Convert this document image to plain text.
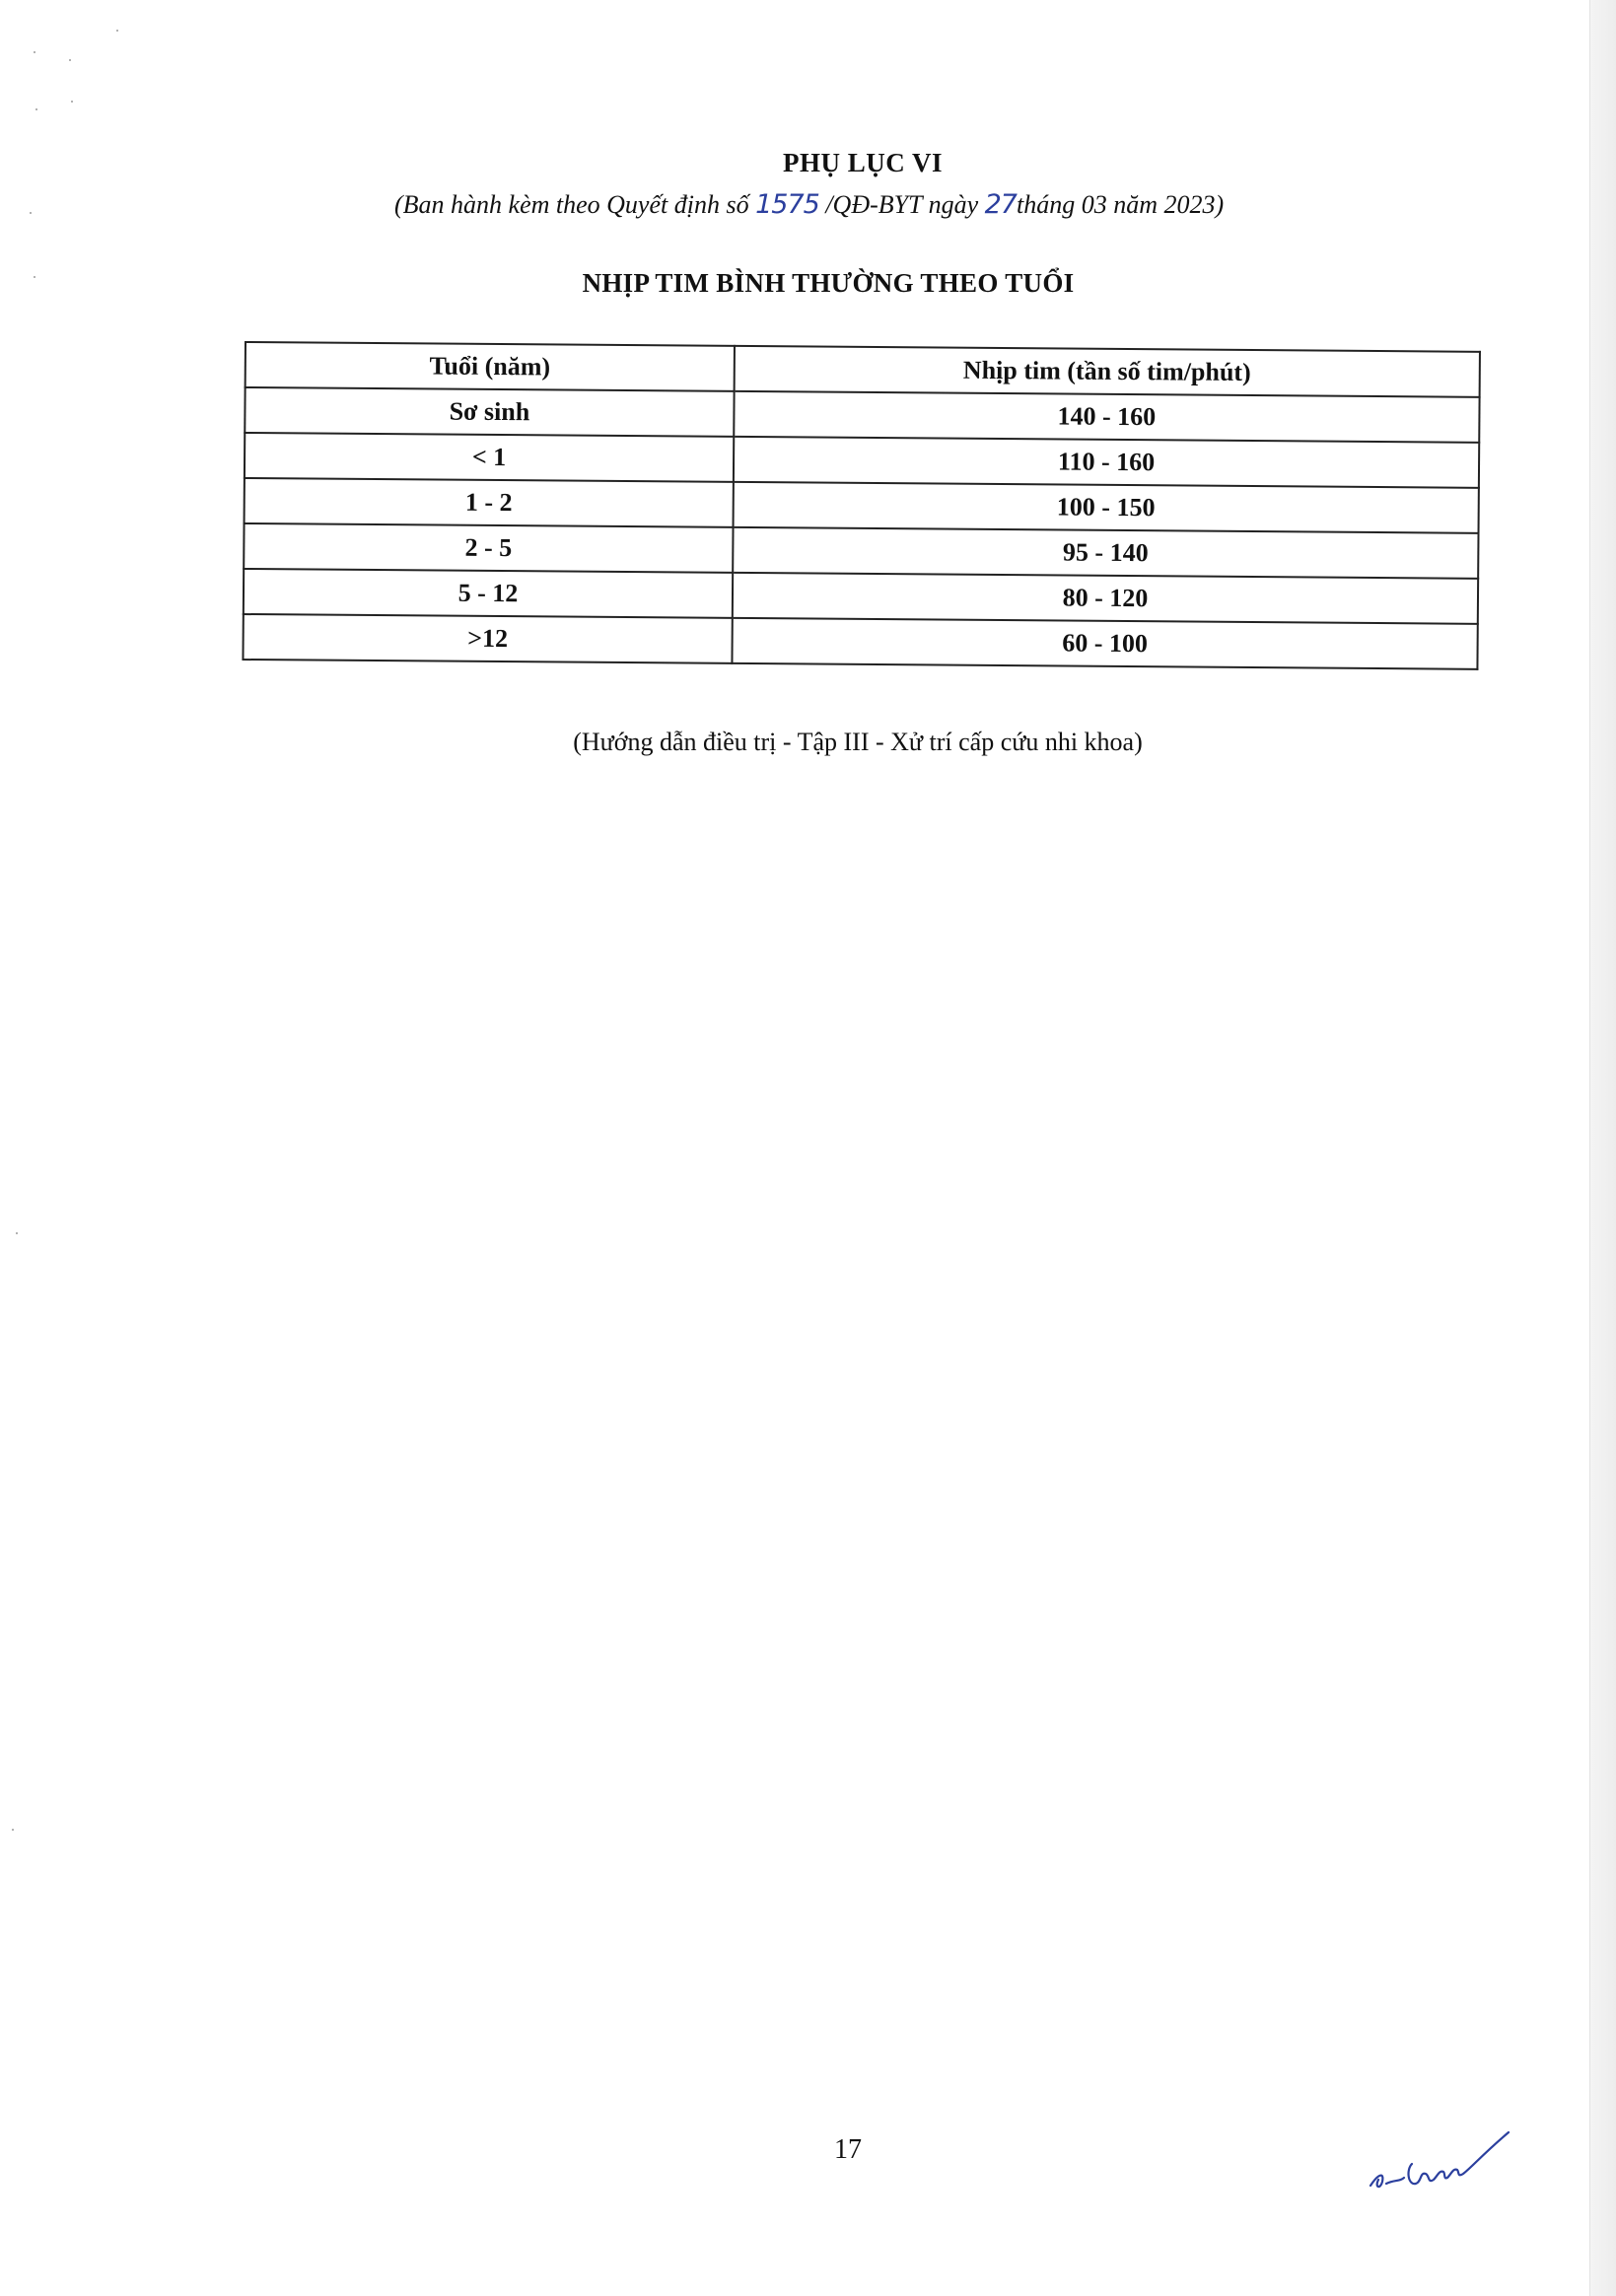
PHỤ LỤC VI
(Ban hành kèm theo Quyết định số 1575 /QĐ-BYT ngày 27tháng 03 năm 2023)
NHỊP TIM BÌNH THƯỜNG THEO TUỔI
Tuổi (năm)	Nhịp tim (tần số tim/phút)
Sơ sinh	140 - 160
< 1	110 - 160
1 - 2	100 - 150
2 - 5	95 - 140
5 - 12	80 - 120
>12	60 - 100
(Hướng dẫn điều trị - Tập III - Xử trí cấp cứu nhi khoa)
17
